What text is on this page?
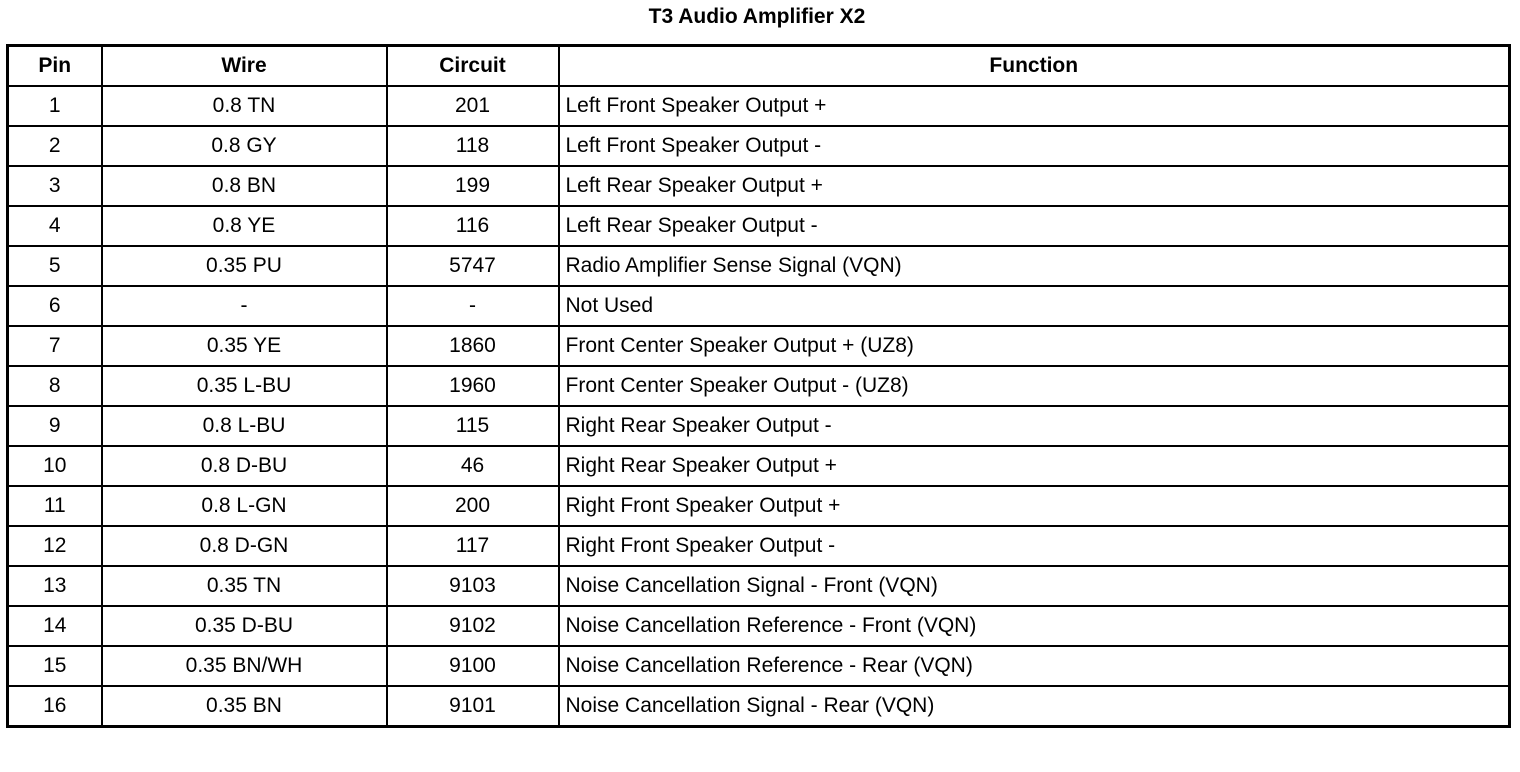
T3 Audio Amplifier X2
Pin	Wire	Circuit	Function
1	0.8 TN	201	Left Front Speaker Output +
2	0.8 GY	118	Left Front Speaker Output -
3	0.8 BN	199	Left Rear Speaker Output +
4	0.8 YE	116	Left Rear Speaker Output -
5	0.35 PU	5747	Radio Amplifier Sense Signal (VQN)
6	-	-	Not Used
7	0.35 YE	1860	Front Center Speaker Output + (UZ8)
8	0.35 L-BU	1960	Front Center Speaker Output - (UZ8)
9	0.8 L-BU	115	Right Rear Speaker Output -
10	0.8 D-BU	46	Right Rear Speaker Output +
11	0.8 L-GN	200	Right Front Speaker Output +
12	0.8 D-GN	117	Right Front Speaker Output -
13	0.35 TN	9103	Noise Cancellation Signal - Front (VQN)
14	0.35 D-BU	9102	Noise Cancellation Reference - Front (VQN)
15	0.35 BN/WH	9100	Noise Cancellation Reference - Rear (VQN)
16	0.35 BN	9101	Noise Cancellation Signal - Rear (VQN)
